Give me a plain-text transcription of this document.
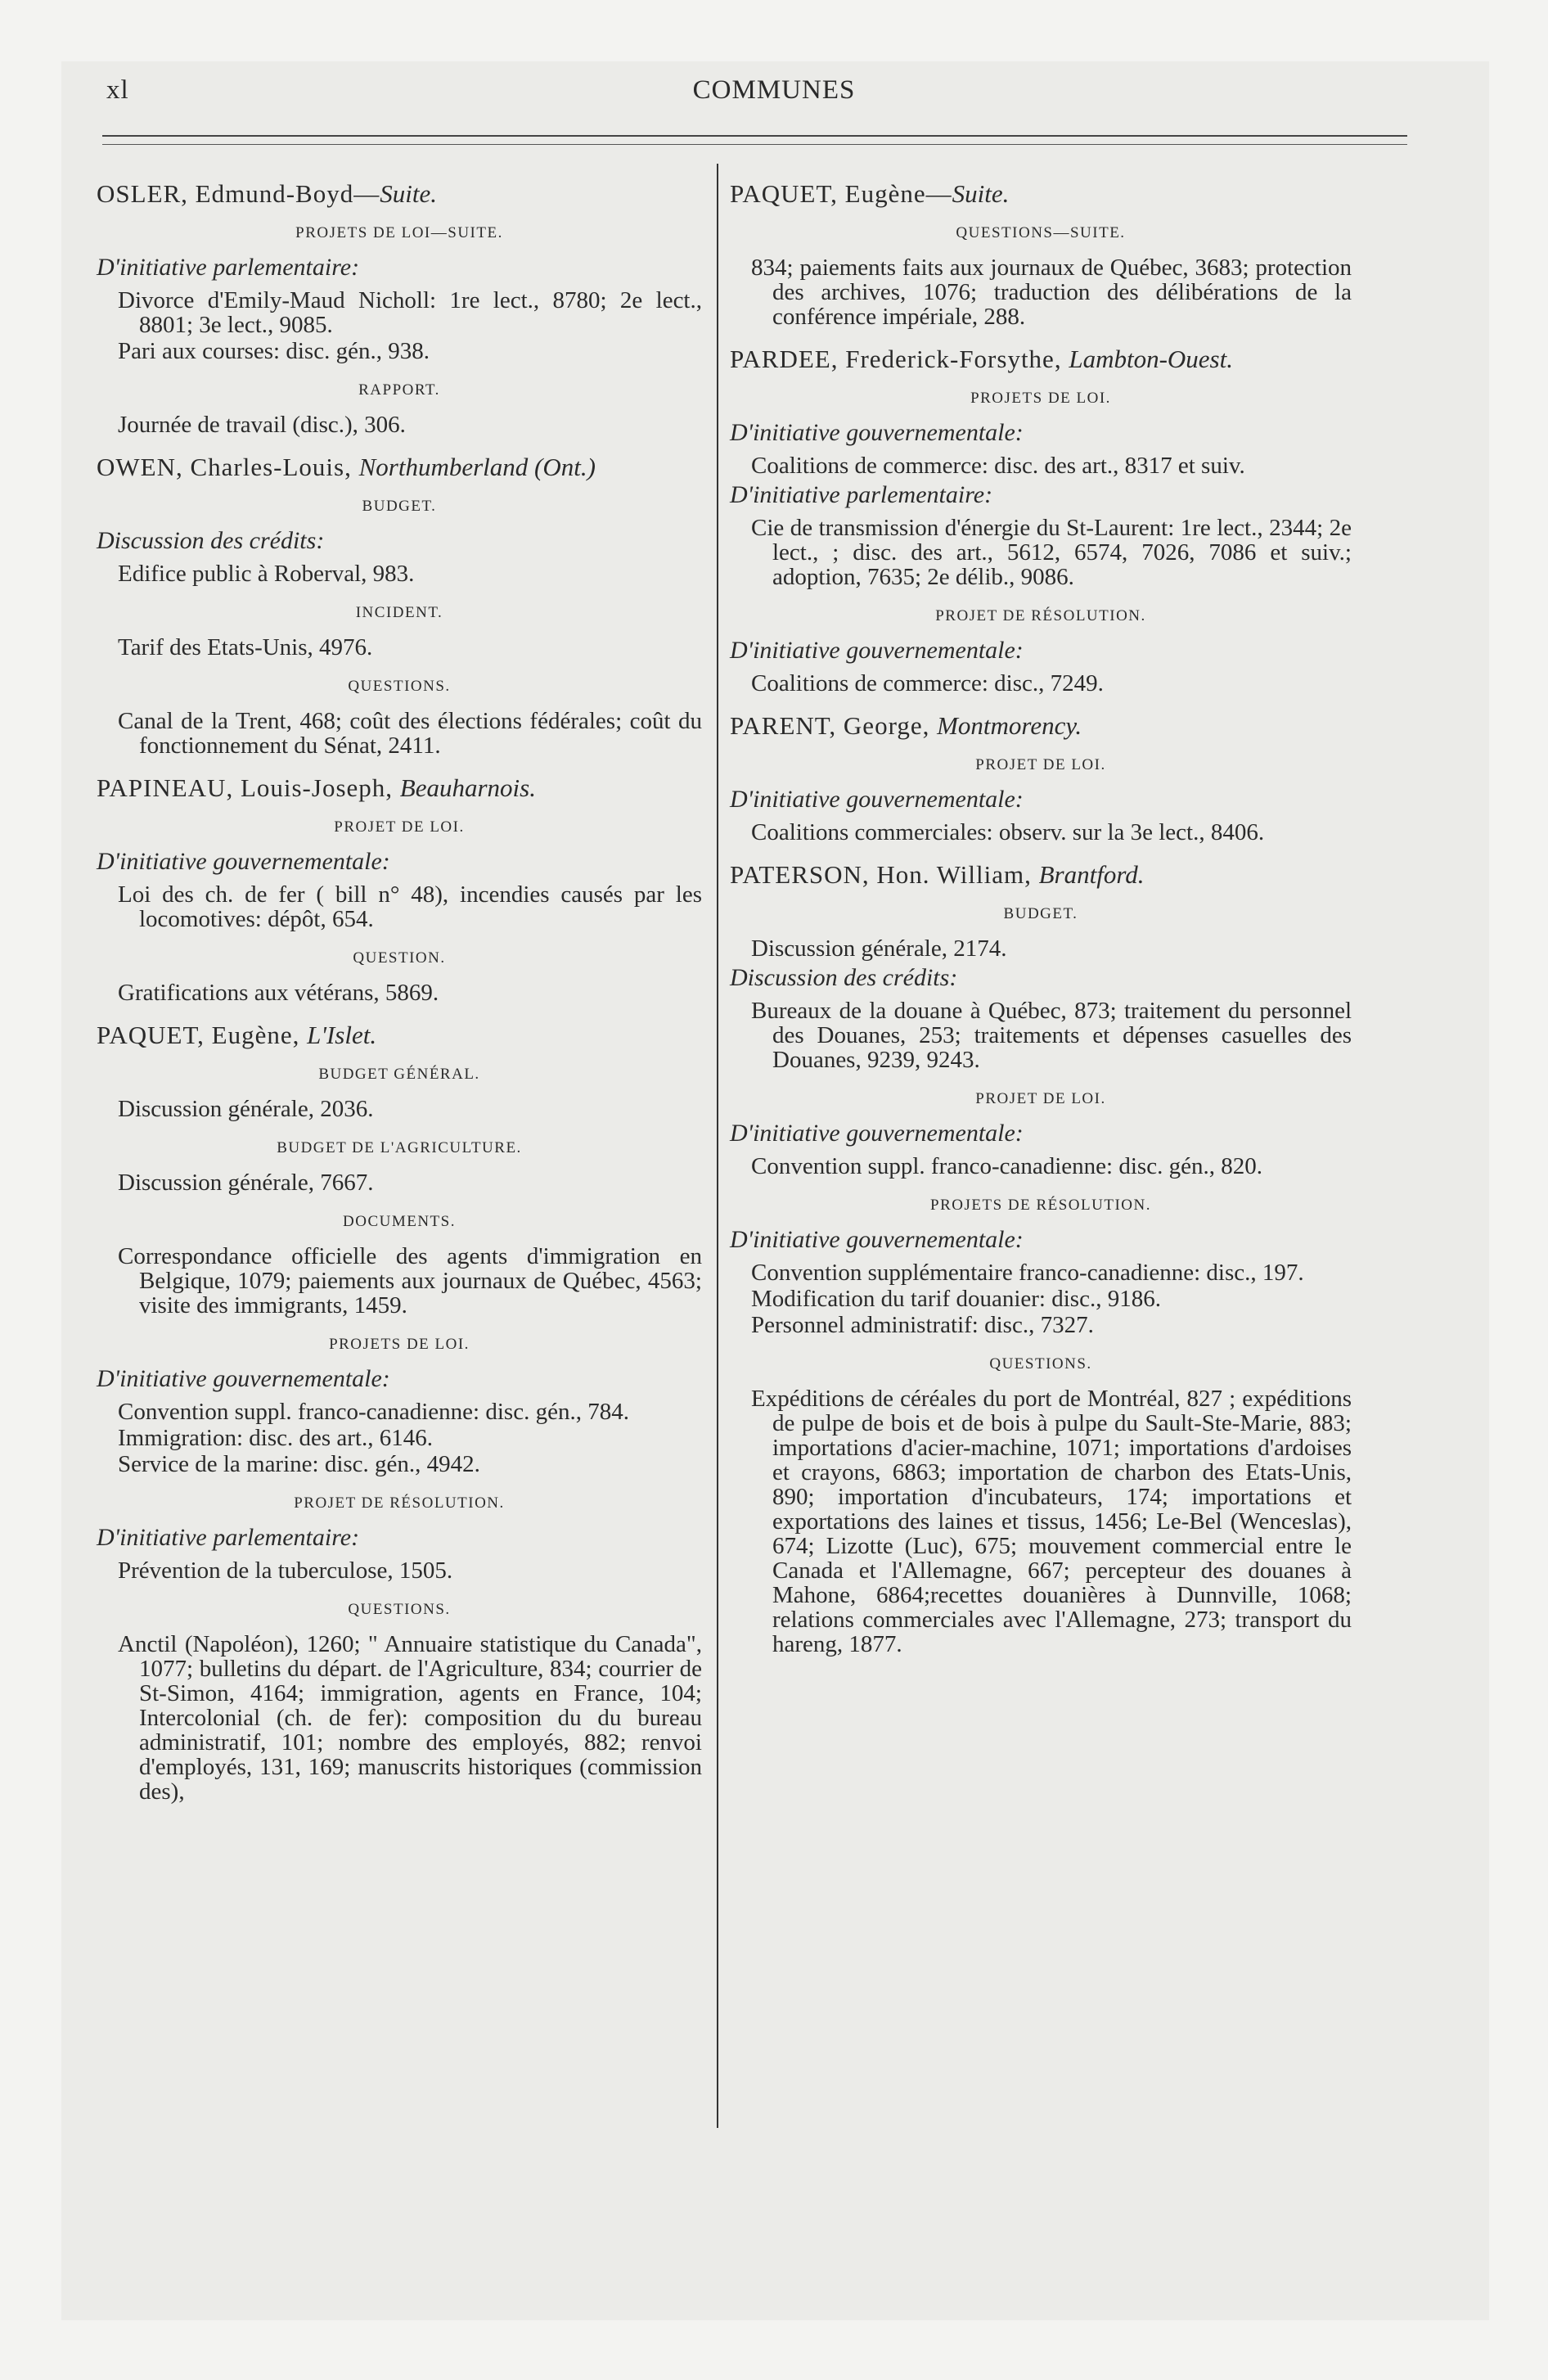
xl	COMMUNES
OSLER, Edmund-Boyd—Suite.
PROJETS DE LOI—SUITE.
D'initiative parlementaire:
Divorce d'Emily-Maud Nicholl: 1re lect., 8780; 2e lect., 8801; 3e lect., 9085.
Pari aux courses: disc. gén., 938.
RAPPORT.
Journée de travail (disc.), 306.
OWEN, Charles-Louis, Northumberland (Ont.)
BUDGET.
Discussion des crédits:
Edifice public à Roberval, 983.
INCIDENT.
Tarif des Etats-Unis, 4976.
QUESTIONS.
Canal de la Trent, 468; coût des élections fédérales; coût du fonctionnement du Sénat, 2411.
PAPINEAU, Louis-Joseph, Beauharnois.
PROJET DE LOI.
D'initiative gouvernementale:
Loi des ch. de fer ( bill n° 48), incendies causés par les locomotives: dépôt, 654.
QUESTION.
Gratifications aux vétérans, 5869.
PAQUET, Eugène, L'Islet.
BUDGET GÉNÉRAL.
Discussion générale, 2036.
BUDGET DE L'AGRICULTURE.
Discussion générale, 7667.
DOCUMENTS.
Correspondance officielle des agents d'immigration en Belgique, 1079; paiements aux journaux de Québec, 4563; visite des immigrants, 1459.
PROJETS DE LOI.
D'initiative gouvernementale:
Convention suppl. franco-canadienne: disc. gén., 784.
Immigration: disc. des art., 6146.
Service de la marine: disc. gén., 4942.
PROJET DE RÉSOLUTION.
D'initiative parlementaire:
Prévention de la tuberculose, 1505.
QUESTIONS.
Anctil (Napoléon), 1260; " Annuaire statistique du Canada", 1077; bulletins du départ. de l'Agriculture, 834; courrier de St-Simon, 4164; immigration, agents en France, 104; Intercolonial (ch. de fer): composition du du bureau administratif, 101; nombre des employés, 882; renvoi d'employés, 131, 169; manuscrits historiques (commission des),
PAQUET, Eugène—Suite.
QUESTIONS—SUITE.
834; paiements faits aux journaux de Québec, 3683; protection des archives, 1076; traduction des délibérations de la conférence impériale, 288.
PARDEE, Frederick-Forsythe, Lambton-Ouest.
PROJETS DE LOI.
D'initiative gouvernementale:
Coalitions de commerce: disc. des art., 8317 et suiv.
D'initiative parlementaire:
Cie de transmission d'énergie du St-Laurent: 1re lect., 2344; 2e lect., ; disc. des art., 5612, 6574, 7026, 7086 et suiv.; adoption, 7635; 2e délib., 9086.
PROJET DE RÉSOLUTION.
D'initiative gouvernementale:
Coalitions de commerce: disc., 7249.
PARENT, George, Montmorency.
PROJET DE LOI.
D'initiative gouvernementale:
Coalitions commerciales: observ. sur la 3e lect., 8406.
PATERSON, Hon. William, Brantford.
BUDGET.
Discussion générale, 2174.
Discussion des crédits:
Bureaux de la douane à Québec, 873; traitement du personnel des Douanes, 253; traitements et dépenses casuelles des Douanes, 9239, 9243.
PROJET DE LOI.
D'initiative gouvernementale:
Convention suppl. franco-canadienne: disc. gén., 820.
PROJETS DE RÉSOLUTION.
D'initiative gouvernementale:
Convention supplémentaire franco-canadienne: disc., 197.
Modification du tarif douanier: disc., 9186.
Personnel administratif: disc., 7327.
QUESTIONS.
Expéditions de céréales du port de Montréal, 827 ; expéditions de pulpe de bois et de bois à pulpe du Sault-Ste-Marie, 883; importations d'acier-machine, 1071; importations d'ardoises et crayons, 6863; importation de charbon des Etats-Unis, 890; importation d'incubateurs, 174; importations et exportations des laines et tissus, 1456; Le-Bel (Wenceslas), 674; Lizotte (Luc), 675; mouvement commercial entre le Canada et l'Allemagne, 667; percepteur des douanes à Mahone, 6864;recettes douanières à Dunnville, 1068; relations commerciales avec l'Allemagne, 273; transport du hareng, 1877.
